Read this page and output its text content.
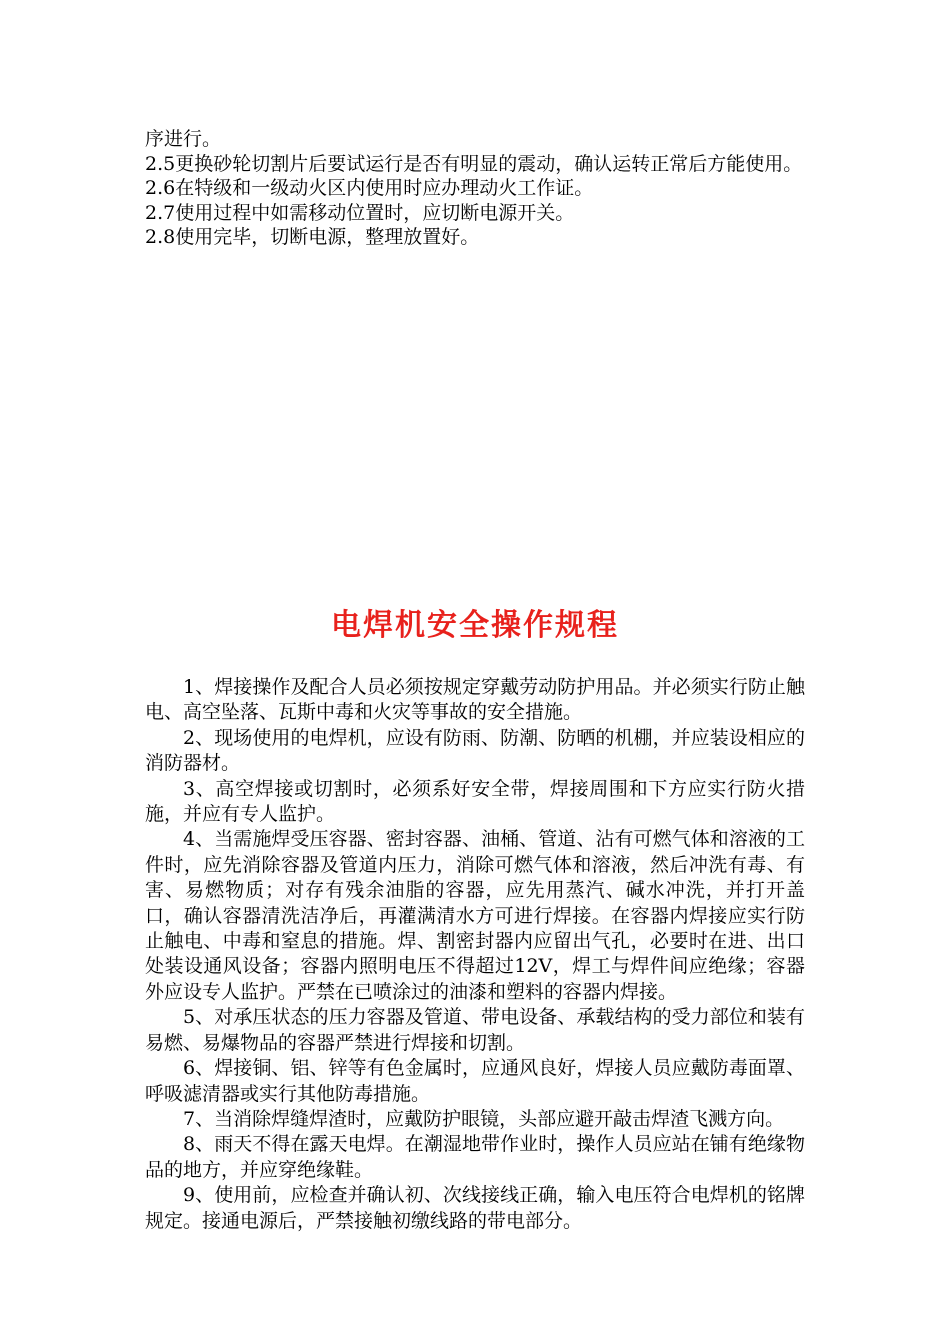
序进行。

2.5更换砂轮切割片后要试运行是否有明显的震动，确认运转正常后方能使用。

2.6在特级和一级动火区内使用时应办理动火工作证。

2.7使用过程中如需移动位置时，应切断电源开关。

2.8使用完毕，切断电源，整理放置好。

电焊机安全操作规程

1、焊接操作及配合人员必须按规定穿戴劳动防护用品。并必须实行防止触电、高空坠落、瓦斯中毒和火灾等事故的安全措施。

2、现场使用的电焊机，应设有防雨、防潮、防晒的机棚，并应装设相应的消防器材。

3、高空焊接或切割时，必须系好安全带，焊接周围和下方应实行防火措施，并应有专人监护。

4、当需施焊受压容器、密封容器、油桶、管道、沾有可燃气体和溶液的工件时，应先消除容器及管道内压力，消除可燃气体和溶液，然后冲洗有毒、有害、易燃物质；对存有残余油脂的容器，应先用蒸汽、碱水冲洗，并打开盖口，确认容器清洗洁净后，再灌满清水方可进行焊接。在容器内焊接应实行防止触电、中毒和窒息的措施。焊、割密封器内应留出气孔，必要时在进、出口处装设通风设备；容器内照明电压不得超过12V，焊工与焊件间应绝缘；容器外应设专人监护。严禁在已喷涂过的油漆和塑料的容器内焊接。

5、对承压状态的压力容器及管道、带电设备、承载结构的受力部位和装有易燃、易爆物品的容器严禁进行焊接和切割。

6、焊接铜、铝、锌等有色金属时，应通风良好，焊接人员应戴防毒面罩、呼吸滤清器或实行其他防毒措施。

7、当消除焊缝焊渣时，应戴防护眼镜，头部应避开敲击焊渣飞溅方向。

8、雨天不得在露天电焊。在潮湿地带作业时，操作人员应站在铺有绝缘物品的地方，并应穿绝缘鞋。

9、使用前，应检查并确认初、次线接线正确，输入电压符合电焊机的铭牌规定。接通电源后，严禁接触初缴线路的带电部分。
